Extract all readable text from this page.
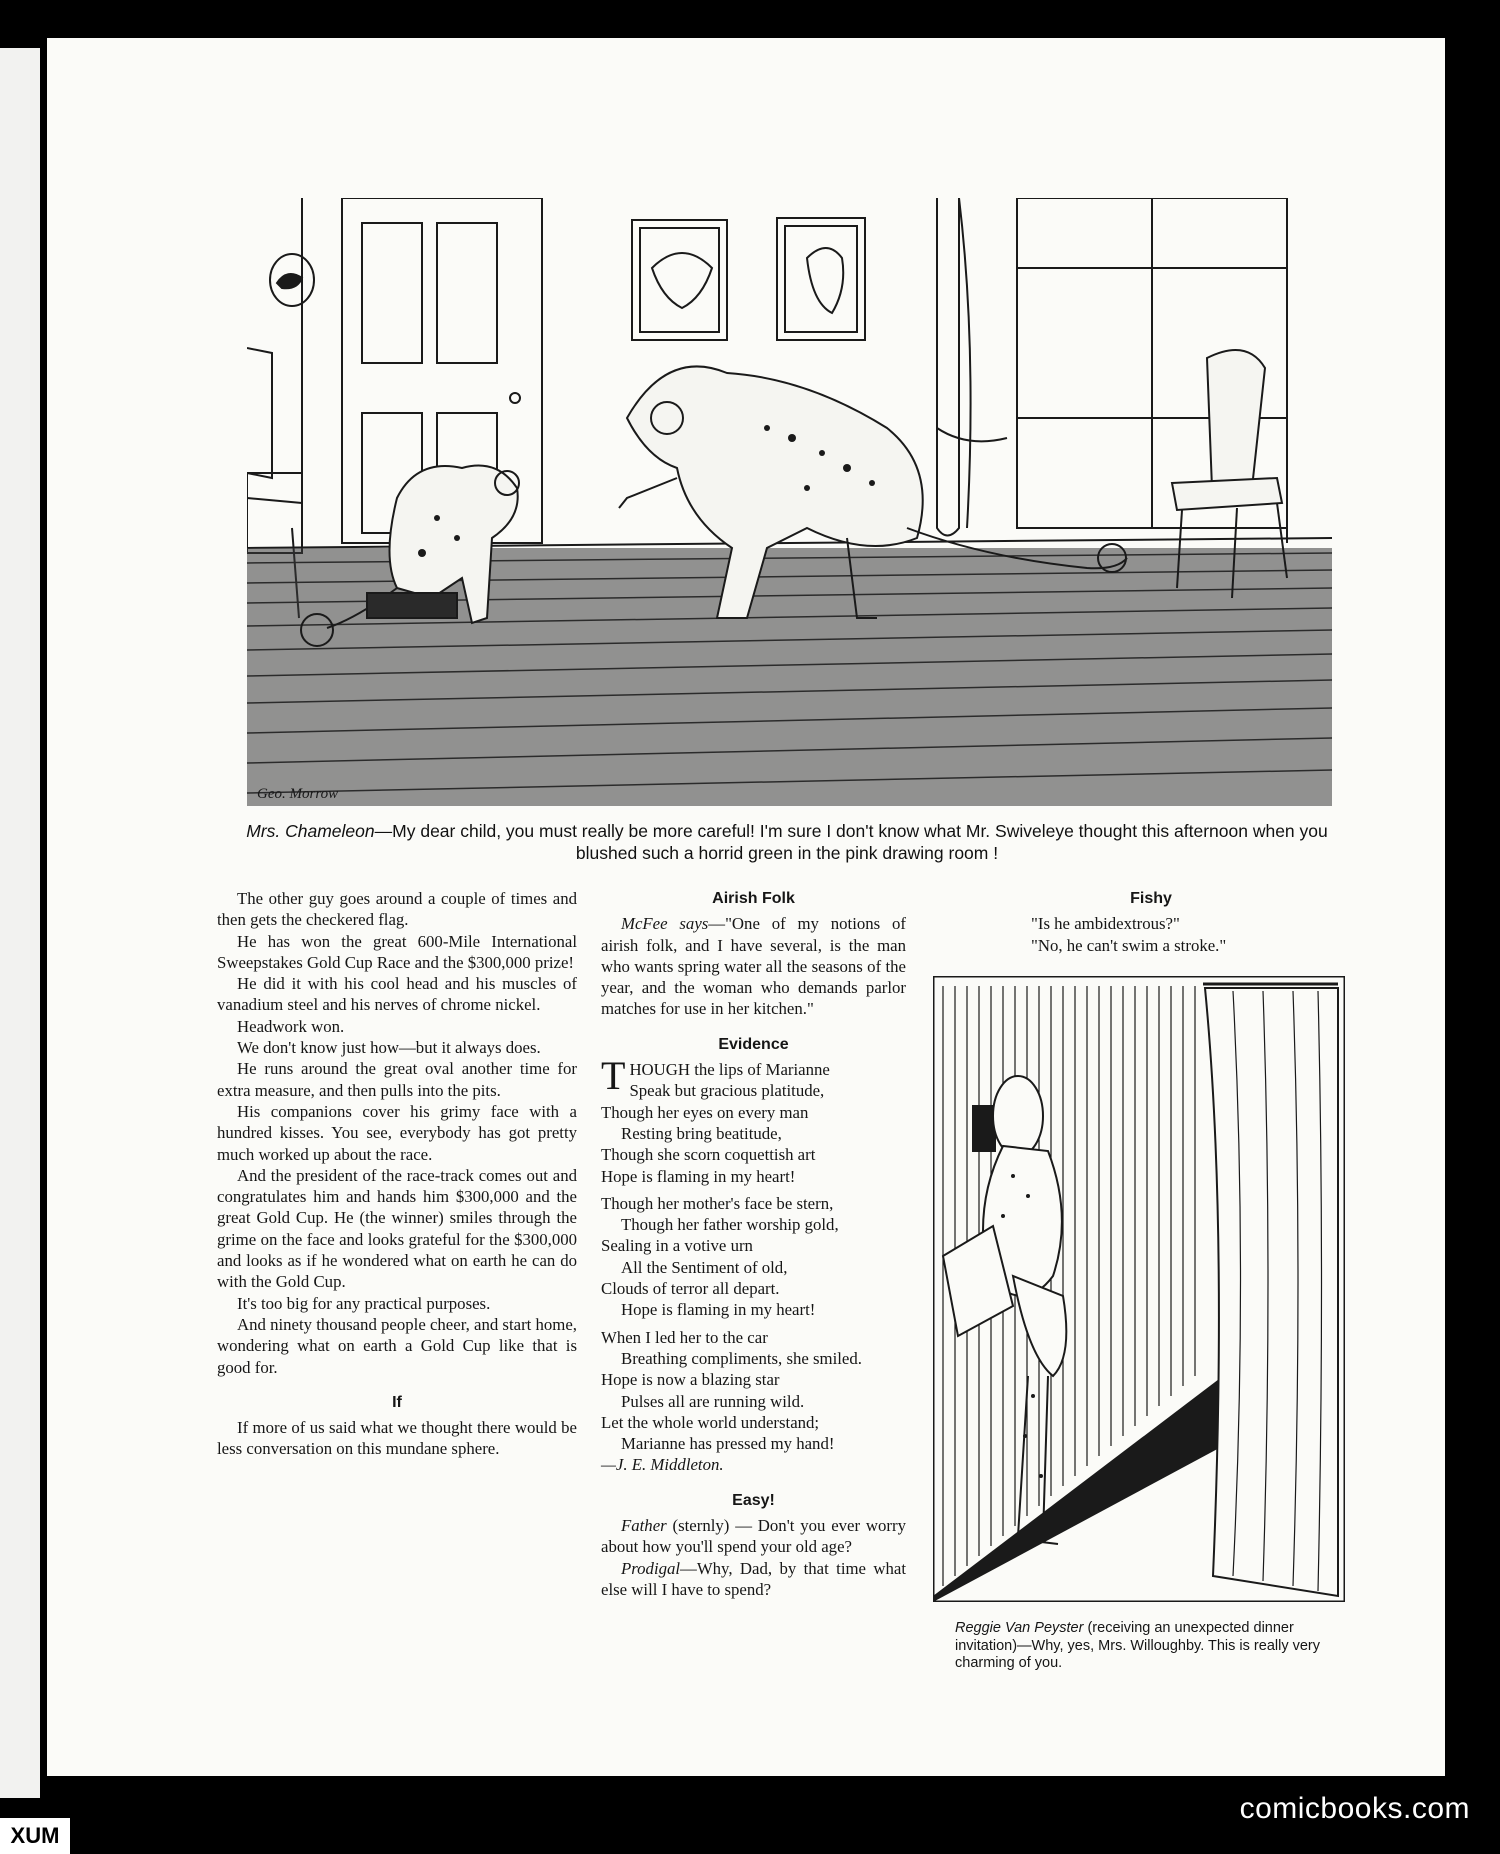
Geo. Morrow
Mrs. Chameleon—My dear child, you must really be more careful! I'm sure I don't know what Mr. Swiveleye thought this afternoon when you blushed such a horrid green in the pink drawing room !

The other guy goes around a couple of times and then gets the checkered flag.

He has won the great 600-Mile International Sweepstakes Gold Cup Race and the $300,000 prize!

He did it with his cool head and his muscles of vanadium steel and his nerves of chrome nickel.

Headwork won.

We don't know just how—but it always does.

He runs around the great oval another time for extra measure, and then pulls into the pits.

His companions cover his grimy face with a hundred kisses. You see, everybody has got pretty much worked up about the race.

And the president of the race-track comes out and congratulates him and hands him $300,000 and the great Gold Cup. He (the winner) smiles through the grime on the face and looks grateful for the $300,000 and looks as if he wondered what on earth he can do with the Gold Cup.

It's too big for any practical purposes.

And ninety thousand people cheer, and start home, wondering what on earth a Gold Cup like that is good for.

If

If more of us said what we thought there would be less conversation on this mundane sphere.

Airish Folk

McFee says—"One of my notions of airish folk, and I have several, is the man who wants spring water all the seasons of the year, and the woman who demands parlor matches for use in her kitchen."

Evidence

THOUGH the lips of Marianne

Speak but gracious platitude,

Though her eyes on every man

Resting bring beatitude,

Though she scorn coquettish art

Hope is flaming in my heart!

Though her mother's face be stern,

Though her father worship gold,

Sealing in a votive urn

All the Sentiment of old,

Clouds of terror all depart.

Hope is flaming in my heart!

When I led her to the car

Breathing compliments, she smiled.

Hope is now a blazing star

Pulses all are running wild.

Let the whole world understand;

Marianne has pressed my hand!

—J. E. Middleton.

Easy!

Father (sternly) — Don't you ever worry about how you'll spend your old age?

Prodigal—Why, Dad, by that time what else will I have to spend?

Fishy

"Is he ambidextrous?"

"No, he can't swim a stroke."

Reggie Van Peyster (receiving an unexpected dinner invitation)—Why, yes, Mrs. Willoughby. This is really very charming of you.
comicbooks.com
XUM
